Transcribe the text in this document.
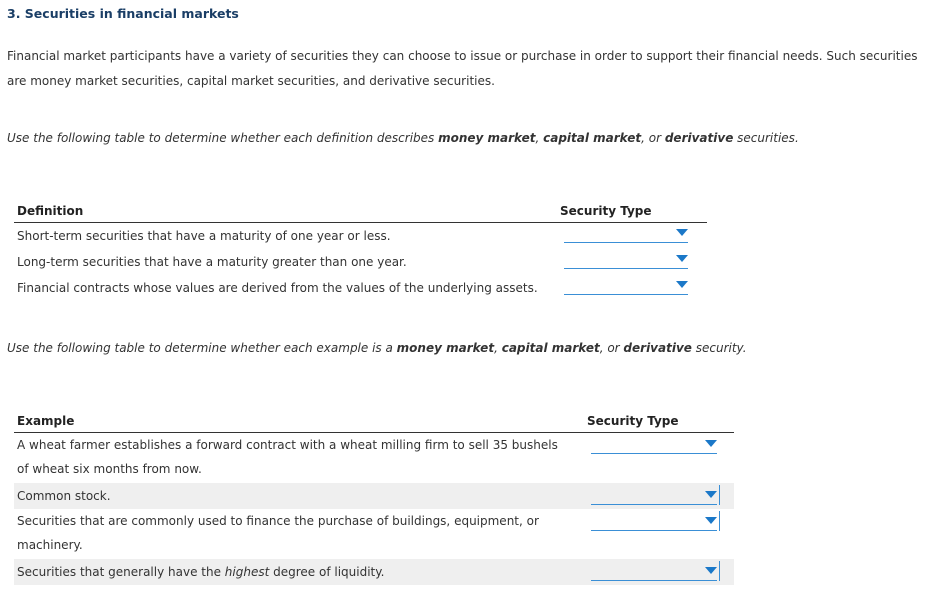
3. Securities in financial markets
Financial market participants have a variety of securities they can choose to issue or purchase in order to support their financial needs. Such securities are money market securities, capital market securities, and derivative securities.
Use the following table to determine whether each definition describes money market, capital market, or derivative securities.
Definition	Security Type
Short-term securities that have a maturity of one year or less.
Long-term securities that have a maturity greater than one year.
Financial contracts whose values are derived from the values of the underlying assets.
Use the following table to determine whether each example is a money market, capital market, or derivative security.
Example	Security Type
A wheat farmer establishes a forward contract with a wheat milling firm to sell 35 bushels
of wheat six months from now.
Common stock.
Securities that are commonly used to finance the purchase of buildings, equipment, or
machinery.
Securities that generally have the highest degree of liquidity.
